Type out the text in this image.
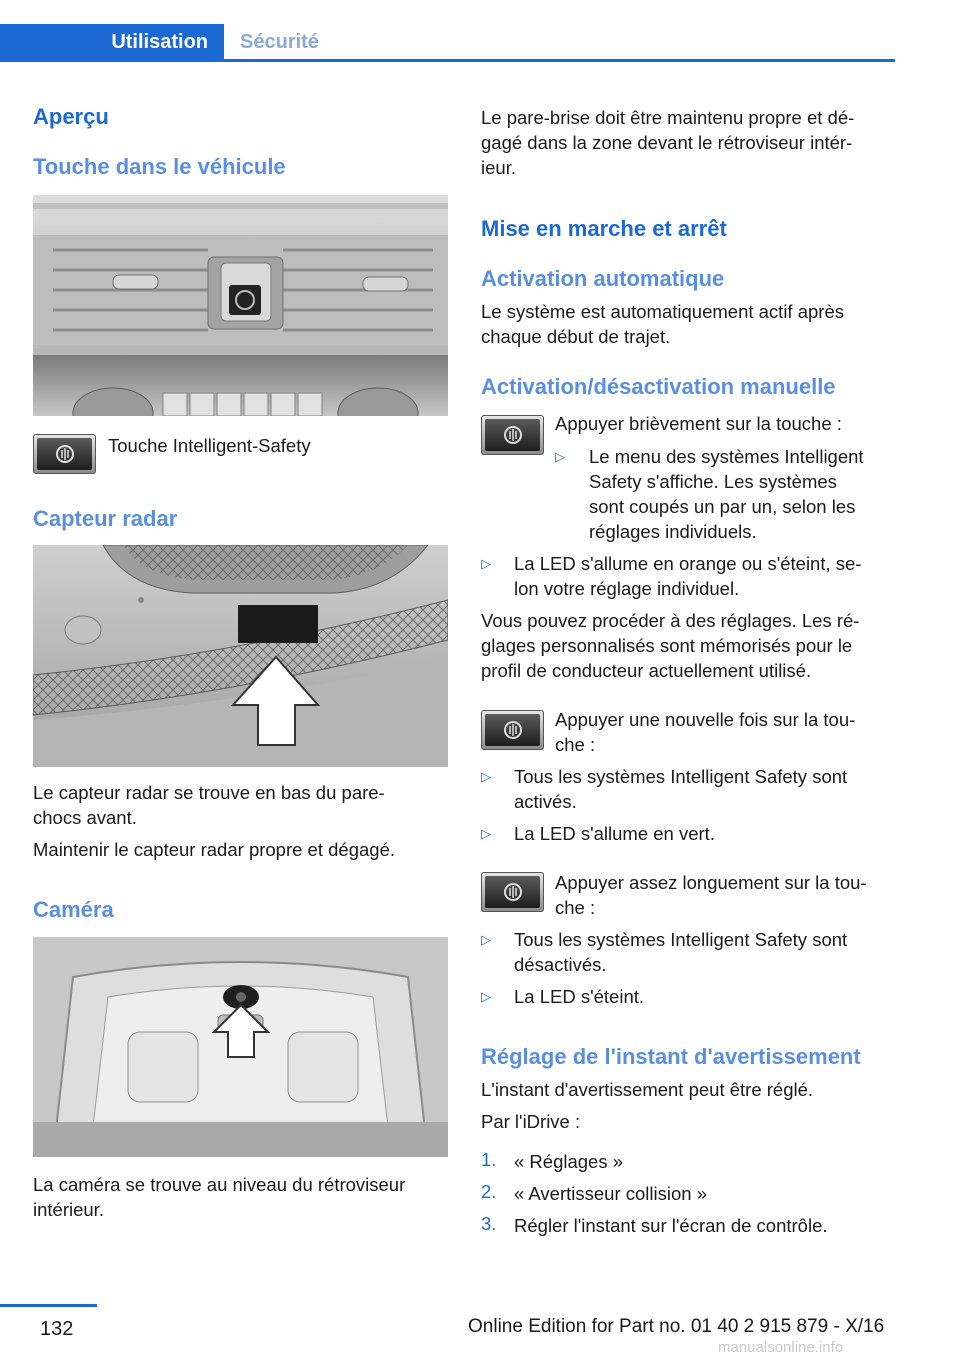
Utilisation	Sécurité
Aperçu
Touche dans le véhicule
Touche Intelligent-Safety
Capteur radar
Le capteur radar se trouve en bas du pare-
chocs avant.
Maintenir le capteur radar propre et dégagé.
Caméra
La caméra se trouve au niveau du rétroviseur
intérieur.
Le pare-brise doit être maintenu propre et dé-
gagé dans la zone devant le rétroviseur intér-
ieur.
Mise en marche et arrêt
Activation automatique
Le système est automatiquement actif après
chaque début de trajet.
Activation/désactivation manuelle
Appuyer brièvement sur la touche :
▷ Le menu des systèmes Intelligent
Safety s'affiche. Les systèmes
sont coupés un par un, selon les
réglages individuels.
▷ La LED s'allume en orange ou s'éteint, se-
lon votre réglage individuel.
Vous pouvez procéder à des réglages. Les ré-
glages personnalisés sont mémorisés pour le
profil de conducteur actuellement utilisé.
Appuyer une nouvelle fois sur la tou-
che :
▷ Tous les systèmes Intelligent Safety sont
activés.
▷ La LED s'allume en vert.
Appuyer assez longuement sur la tou-
che :
▷ Tous les systèmes Intelligent Safety sont
désactivés.
▷ La LED s'éteint.
Réglage de l'instant d'avertissement
L'instant d'avertissement peut être réglé.
Par l'iDrive :
1. « Réglages »
2. « Avertisseur collision »
3. Régler l'instant sur l'écran de contrôle.
132	Online Edition for Part no. 01 40 2 915 879 - X/16
manualsonline.info
